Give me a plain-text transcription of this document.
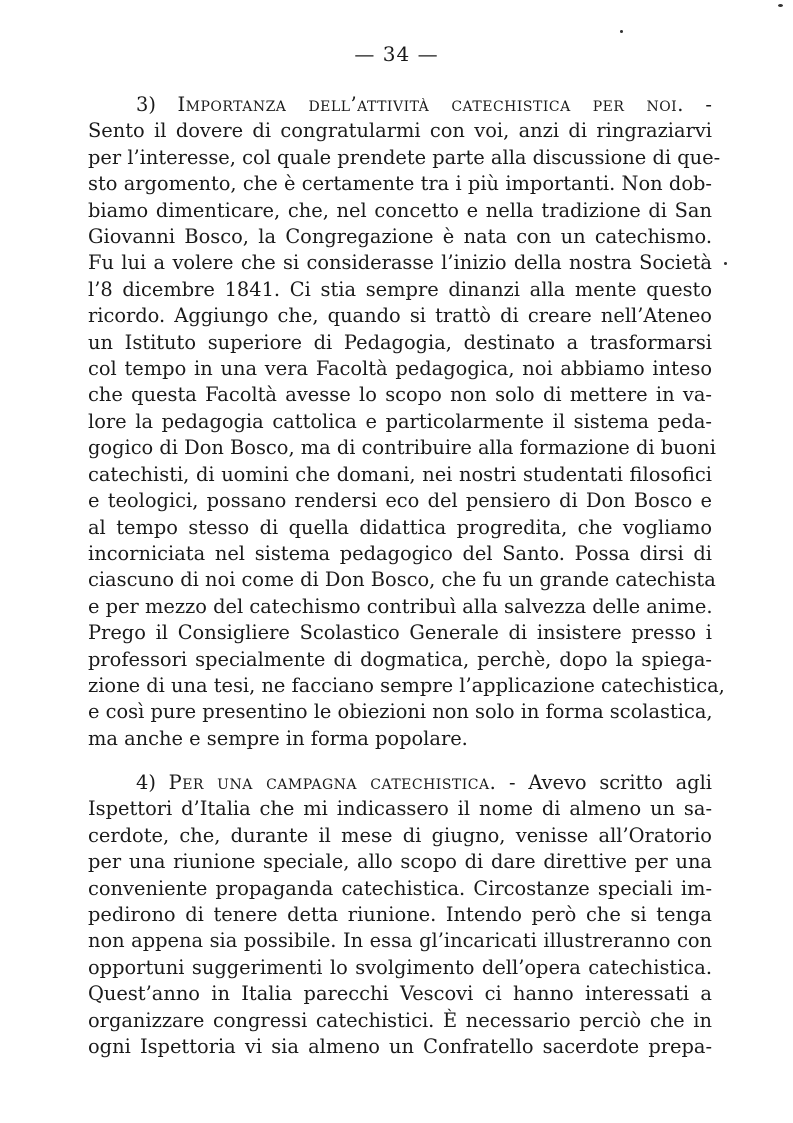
— 34 —
3) Importanza dell’attività catechistica per noi. -
Sento il dovere di congratularmi con voi, anzi di ringraziarvi
per l’interesse, col quale prendete parte alla discussione di que-
sto argomento, che è certamente tra i più importanti. Non dob-
biamo dimenticare, che, nel concetto e nella tradizione di San
Giovanni Bosco, la Congregazione è nata con un catechismo.
Fu lui a volere che si considerasse l’inizio della nostra Società
l’8 dicembre 1841. Ci stia sempre dinanzi alla mente questo
ricordo. Aggiungo che, quando si trattò di creare nell’Ateneo
un Istituto superiore di Pedagogia, destinato a trasformarsi
col tempo in una vera Facoltà pedagogica, noi abbiamo inteso
che questa Facoltà avesse lo scopo non solo di mettere in va-
lore la pedagogia cattolica e particolarmente il sistema peda-
gogico di Don Bosco, ma di contribuire alla formazione di buoni
catechisti, di uomini che domani, nei nostri studentati filosofici
e teologici, possano rendersi eco del pensiero di Don Bosco e
al tempo stesso di quella didattica progredita, che vogliamo
incorniciata nel sistema pedagogico del Santo. Possa dirsi di
ciascuno di noi come di Don Bosco, che fu un grande catechista
e per mezzo del catechismo contribuì alla salvezza delle anime.
Prego il Consigliere Scolastico Generale di insistere presso i
professori specialmente di dogmatica, perchè, dopo la spiega-
zione di una tesi, ne facciano sempre l’applicazione catechistica,
e così pure presentino le obiezioni non solo in forma scolastica,
ma anche e sempre in forma popolare.
4) Per una campagna catechistica. - Avevo scritto agli
Ispettori d’Italia che mi indicassero il nome di almeno un sa-
cerdote, che, durante il mese di giugno, venisse all’Oratorio
per una riunione speciale, allo scopo di dare direttive per una
conveniente propaganda catechistica. Circostanze speciali im-
pedirono di tenere detta riunione. Intendo però che si tenga
non appena sia possibile. In essa gl’incaricati illustreranno con
opportuni suggerimenti lo svolgimento dell’opera catechistica.
Quest’anno in Italia parecchi Vescovi ci hanno interessati a
organizzare congressi catechistici. È necessario perciò che in
ogni Ispettoria vi sia almeno un Confratello sacerdote prepa-
